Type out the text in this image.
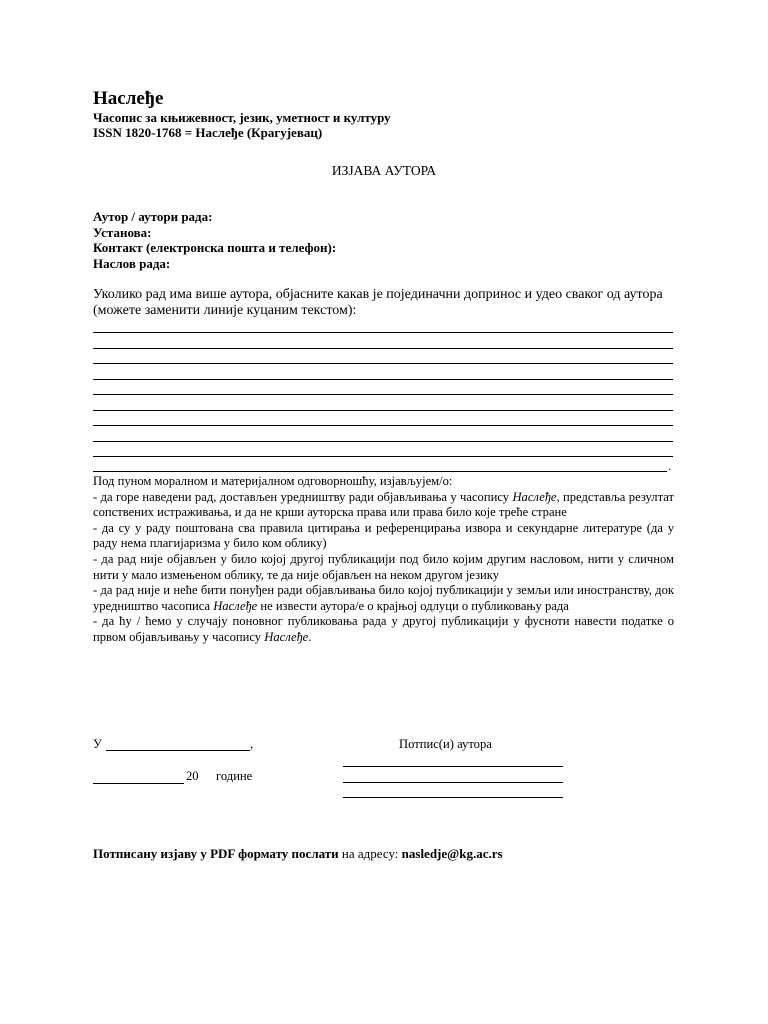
Наслеђе
Часопис за књижевност, језик, уметност и културу
ISSN 1820-1768 = Наслеђе (Крагујевац)
ИЗЈАВА АУТОРА
Аутор / аутори рада:
Установа:
Контакт (електронска пошта и телефон):
Наслов рада:
Уколико рад има више аутора, објасните какав је појединачни допринос и удео сваког од аутора (можете заменити линије куцаним текстом):
.

Под пуном моралном и материјалном одговорношћу, изјављујем/о:

- да горе наведени рад, достављен уредништву ради објављивања у часопису Наслеђе, представља резултат сопствених истраживања, и да не крши ауторска права или права било које треће стране

- да су у раду поштована сва правила цитирања и референцирања извора и секундарне литературе (да у раду нема плагијаризма у било ком облику)

- да рад није објављен у било којој другој публикацији под било којим другим насловом, нити у сличном нити у мало измењеном облику, те да није објављен на неком другом језику

- да рад није и неће бити понуђен ради објављивања било којој публикацији у земљи или иностранству, док уредништво часописа Наслеђе не извести аутора/е о крајњој одлуци о публиковању рада

- да ћу / ћемо у случају поновног публиковања рада у другој публикацији у фусноти навести податке о првом објављивању у часопису Наслеђе.

У	,
20 године
Потпис(и) аутора
Потписану изјаву у PDF формату послати на адресу: nasledje@kg.ac.rs
